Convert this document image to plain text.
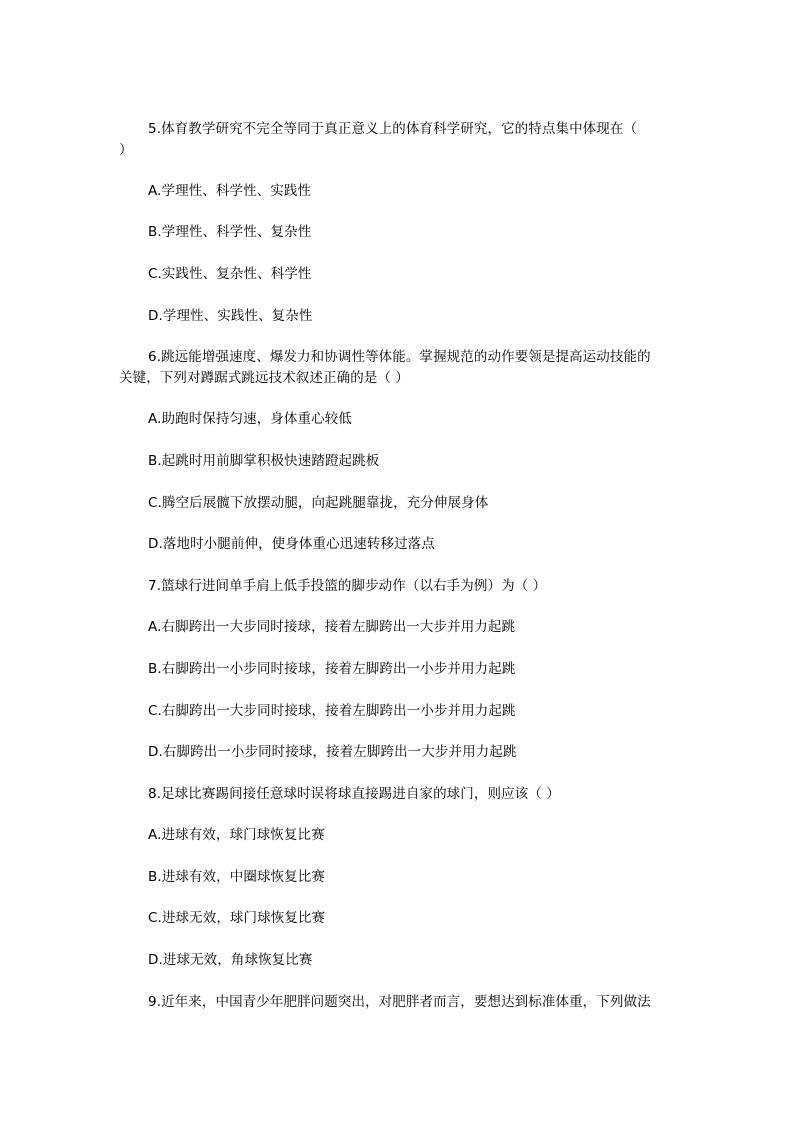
5.体育教学研究不完全等同于真正意义上的体育科学研究，它的特点集中体现在（
）
A.学理性、科学性、实践性
B.学理性、科学性、复杂性
C.实践性、复杂性、科学性
D.学理性、实践性、复杂性
6.跳远能增强速度、爆发力和协调性等体能。掌握规范的动作要领是提高运动技能的
关键，下列对蹲踞式跳远技术叙述正确的是（ ）
A.助跑时保持匀速，身体重心较低
B.起跳时用前脚掌积极快速踏蹬起跳板
C.腾空后展髋下放摆动腿，向起跳腿靠拢，充分伸展身体
D.落地时小腿前伸，使身体重心迅速转移过落点
7.篮球行进间单手肩上低手投篮的脚步动作（以右手为例）为（ ）
A.右脚跨出一大步同时接球，接着左脚跨出一大步并用力起跳
B.右脚跨出一小步同时接球，接着左脚跨出一小步并用力起跳
C.右脚跨出一大步同时接球，接着左脚跨出一小步并用力起跳
D.右脚跨出一小步同时接球，接着左脚跨出一大步并用力起跳
8.足球比赛踢间接任意球时误将球直接踢进自家的球门，则应该（ ）
A.进球有效，球门球恢复比赛
B.进球有效，中圈球恢复比赛
C.进球无效，球门球恢复比赛
D.进球无效，角球恢复比赛
9.近年来，中国青少年肥胖问题突出，对肥胖者而言，要想达到标准体重，下列做法
